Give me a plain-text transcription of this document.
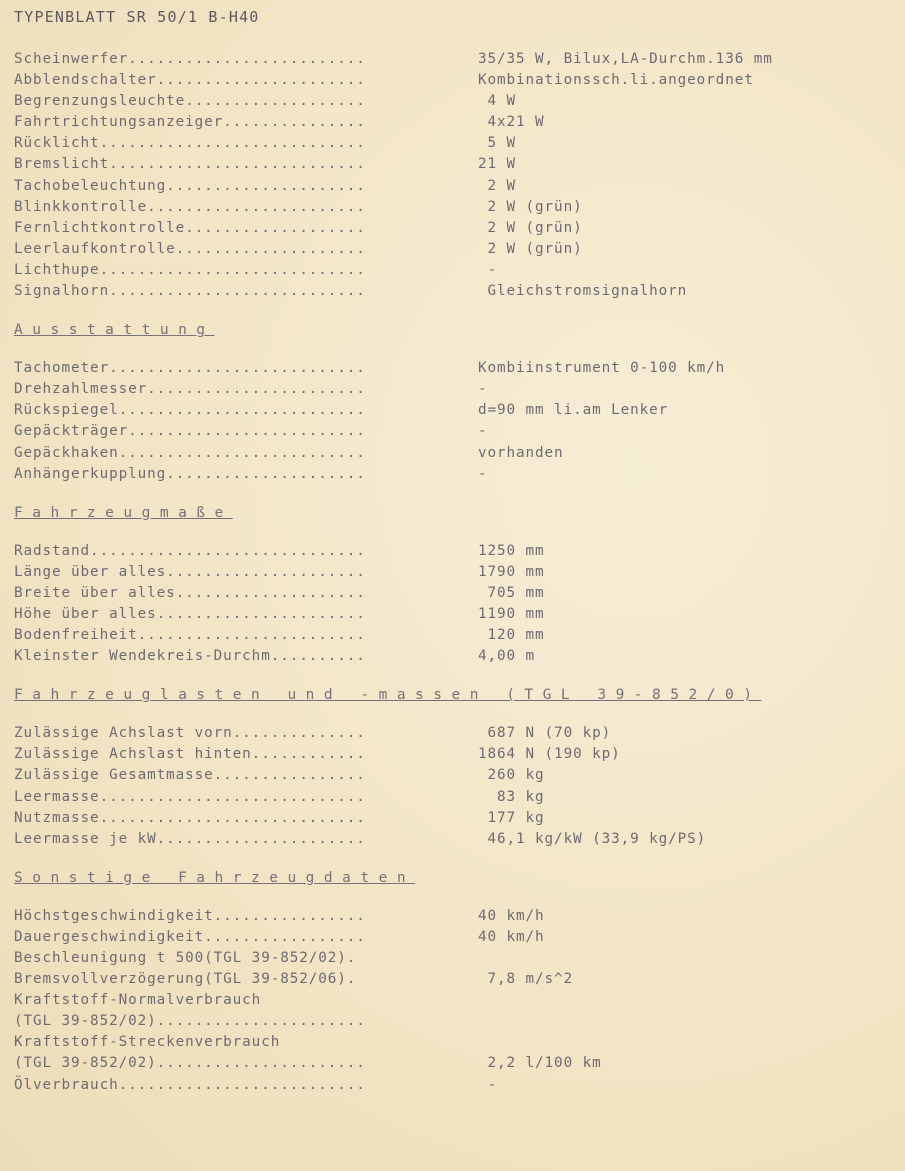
TYPENBLATT SR 50/1 B-H40
Scheinwerfer.........................	35/35 W, Bilux,LA-Durchm.136 mm
Abblendschalter......................	Kombinationssch.li.angeordnet
Begrenzungsleuchte...................	4 W
Fahrtrichtungsanzeiger...............	4x21 W
Rücklicht............................	5 W
Bremslicht...........................	21 W
Tachobeleuchtung.....................	2 W
Blinkkontrolle.......................	2 W (grün)
Fernlichtkontrolle...................	2 W (grün)
Leerlaufkontrolle....................	2 W (grün)
Lichthupe............................	-
Signalhorn...........................	Gleichstromsignalhorn
Ausstattung
Tachometer...........................	Kombiinstrument 0-100 km/h
Drehzahlmesser.......................	-
Rückspiegel..........................	d=90 mm li.am Lenker
Gepäckträger.........................	-
Gepäckhaken..........................	vorhanden
Anhängerkupplung.....................	-
Fahrzeugmaße
Radstand.............................	1250 mm
Länge über alles.....................	1790 mm
Breite über alles....................	705 mm
Höhe über alles......................	1190 mm
Bodenfreiheit........................	120 mm
Kleinster Wendekreis-Durchm..........	4,00 m
Fahrzeuglasten und -massen (TGL 39-852/0)
Zulässige Achslast vorn..............	687 N (70 kp)
Zulässige Achslast hinten............	1864 N (190 kp)
Zulässige Gesamtmasse................	260 kg
Leermasse............................	83 kg
Nutzmasse............................	177 kg
Leermasse je kW......................	46,1 kg/kW (33,9 kg/PS)
Sonstige Fahrzeugdaten
Höchstgeschwindigkeit................	40 km/h
Dauergeschwindigkeit.................	40 km/h
Beschleunigung t 500(TGL 39-852/02).
Bremsvollverzögerung(TGL 39-852/06).	7,8 m/s^2
Kraftstoff-Normalverbrauch
(TGL 39-852/02)......................
Kraftstoff-Streckenverbrauch
(TGL 39-852/02)......................	2,2 l/100 km
Ölverbrauch..........................	-
